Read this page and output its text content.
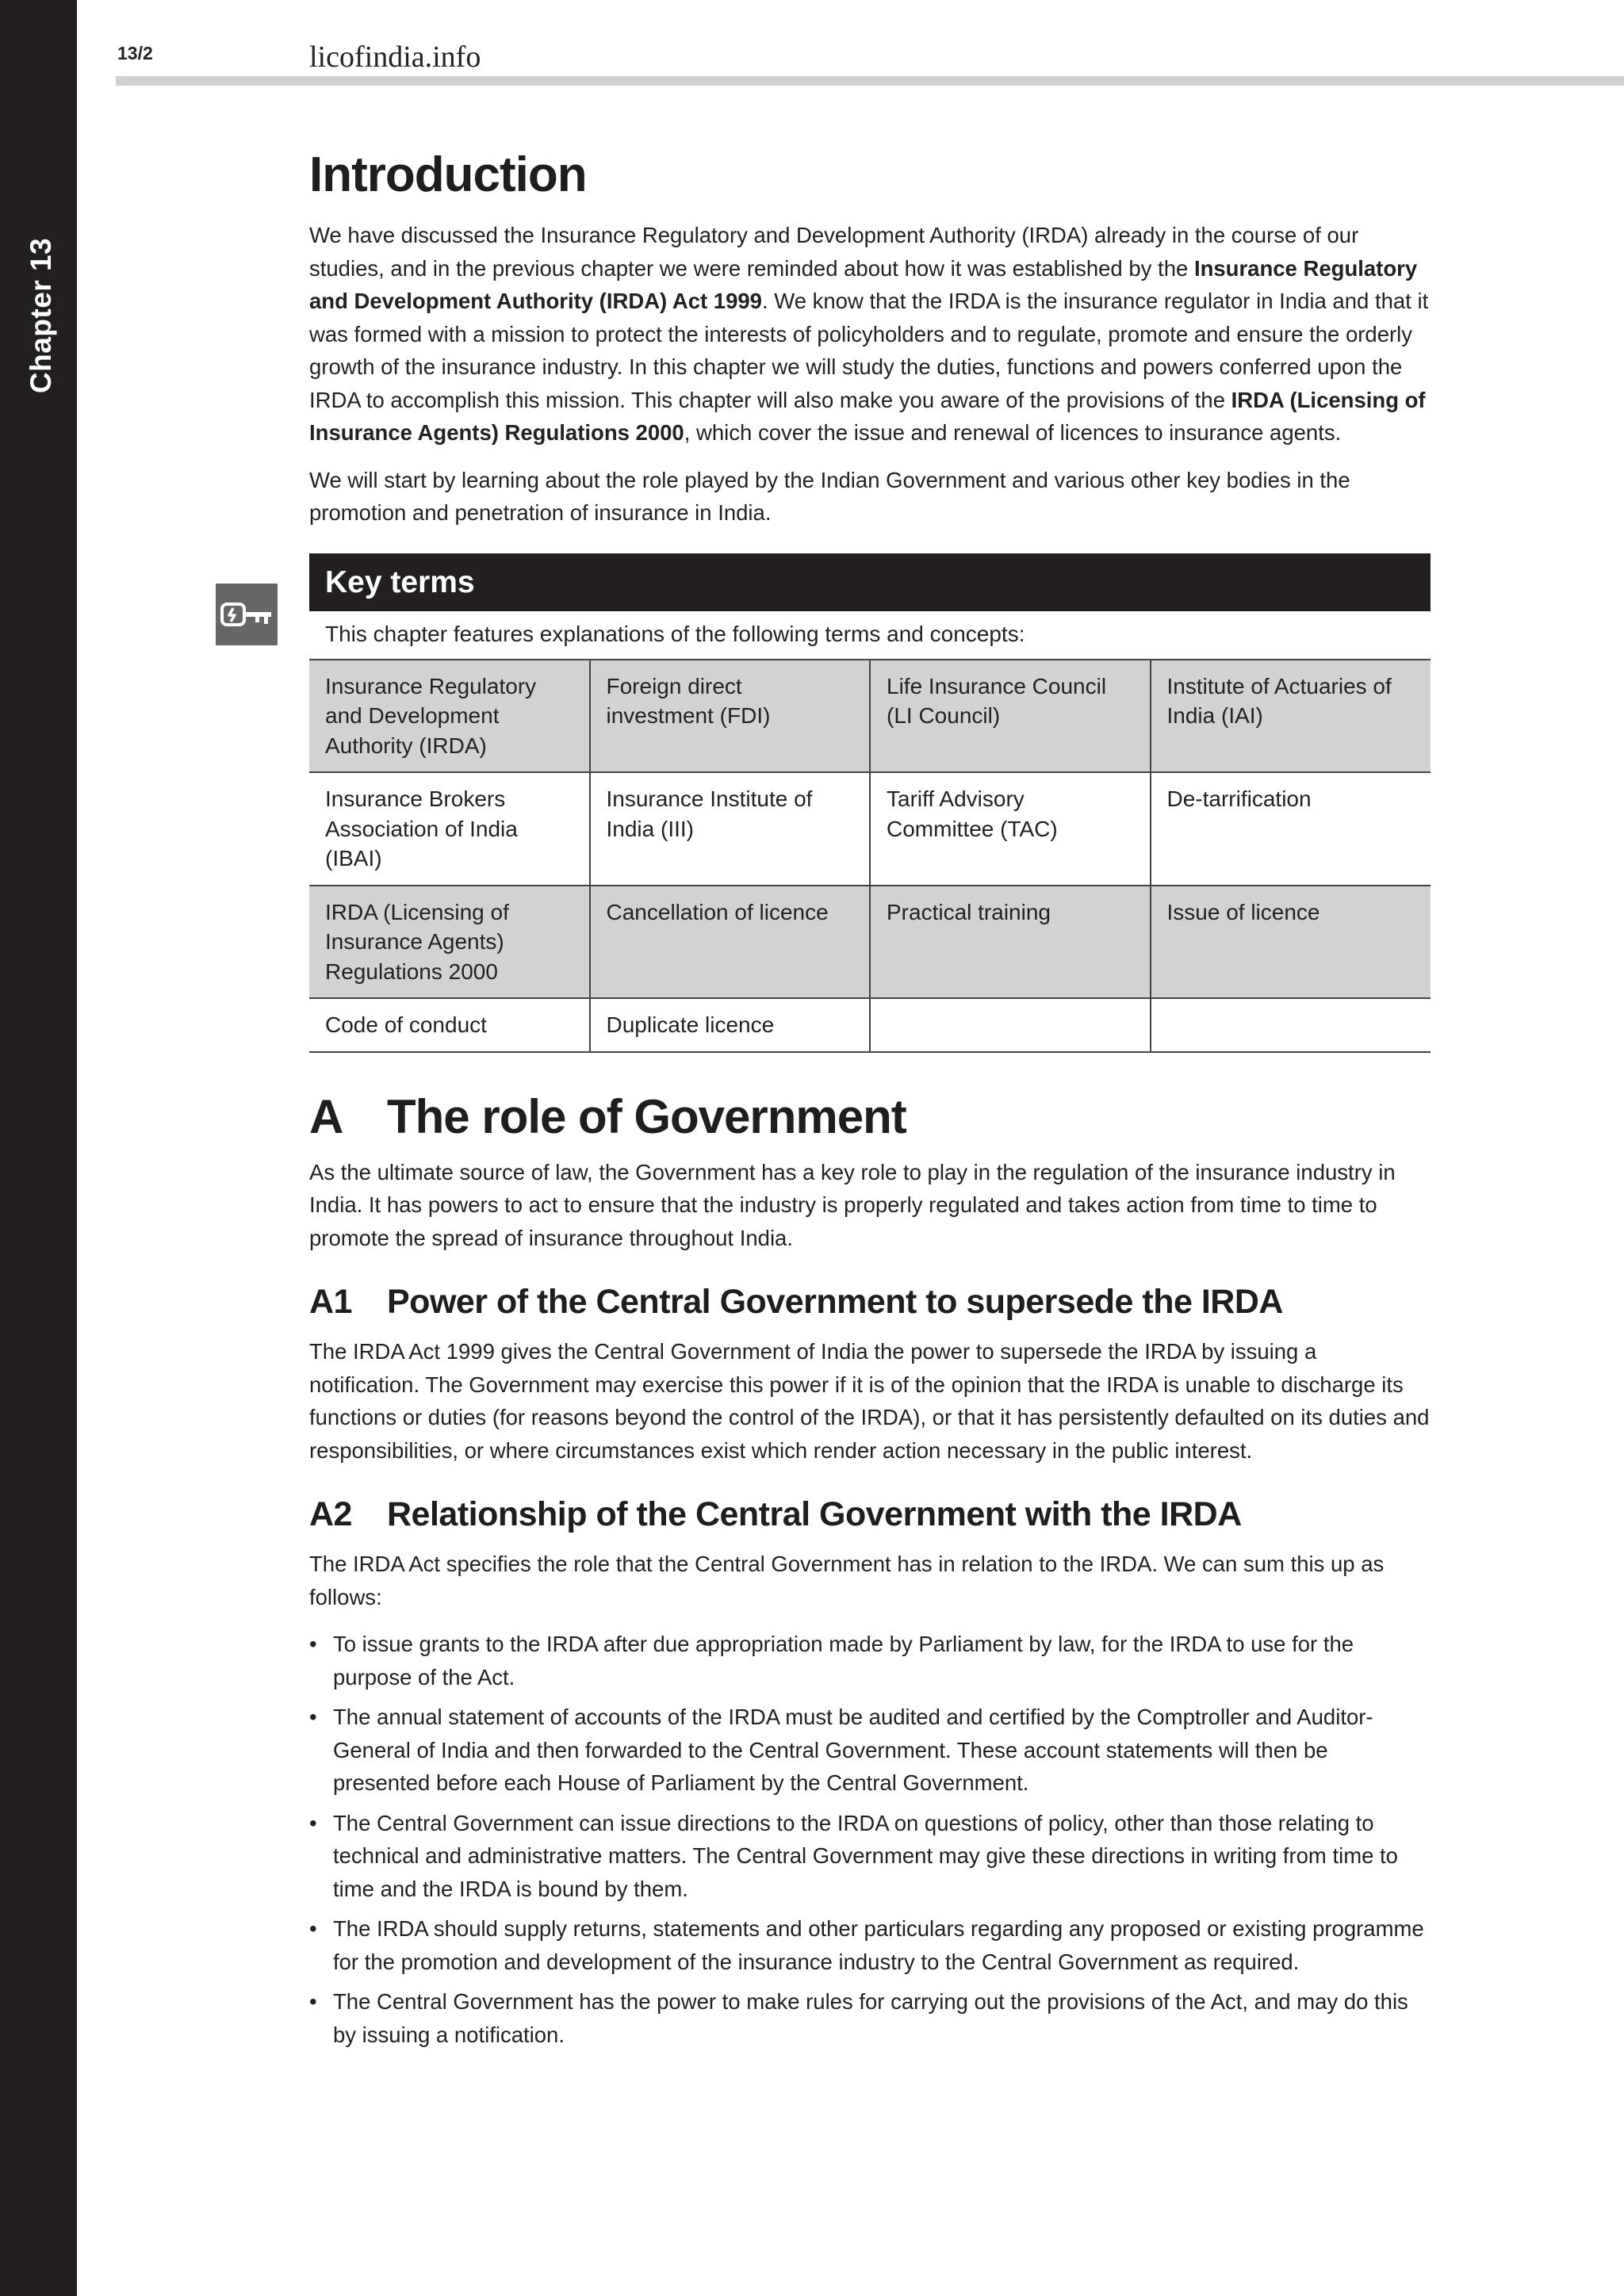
Chapter 13
13/2	licofindia.info
Introduction

We have discussed the Insurance Regulatory and Development Authority (IRDA) already in the course of our studies, and in the previous chapter we were reminded about how it was established by the Insurance Regulatory and Development Authority (IRDA) Act 1999. We know that the IRDA is the insurance regulator in India and that it was formed with a mission to protect the interests of policyholders and to regulate, promote and ensure the orderly growth of the insurance industry. In this chapter we will study the duties, functions and powers conferred upon the IRDA to accomplish this mission. This chapter will also make you aware of the provisions of the IRDA (Licensing of Insurance Agents) Regulations 2000, which cover the issue and renewal of licences to insurance agents.

We will start by learning about the role played by the Indian Government and various other key bodies in the promotion and penetration of insurance in India.

Key terms
This chapter features explanations of the following terms and concepts:
Insurance Regulatory and Development Authority (IRDA)	Foreign direct investment (FDI)	Life Insurance Council (LI Council)	Institute of Actuaries of India (IAI)
Insurance Brokers Association of India (IBAI)	Insurance Institute of India (III)	Tariff Advisory Committee (TAC)	De-tarrification
IRDA (Licensing of Insurance Agents) Regulations 2000	Cancellation of licence	Practical training	Issue of licence
Code of conduct	Duplicate licence		
A The role of Government

As the ultimate source of law, the Government has a key role to play in the regulation of the insurance industry in India. It has powers to act to ensure that the industry is properly regulated and takes action from time to time to promote the spread of insurance throughout India.

A1 Power of the Central Government to supersede the IRDA

The IRDA Act 1999 gives the Central Government of India the power to supersede the IRDA by issuing a notification. The Government may exercise this power if it is of the opinion that the IRDA is unable to discharge its functions or duties (for reasons beyond the control of the IRDA), or that it has persistently defaulted on its duties and responsibilities, or where circumstances exist which render action necessary in the public interest.

A2 Relationship of the Central Government with the IRDA

The IRDA Act specifies the role that the Central Government has in relation to the IRDA. We can sum this up as follows:

• To issue grants to the IRDA after due appropriation made by Parliament by law, for the IRDA to use for the purpose of the Act.
• The annual statement of accounts of the IRDA must be audited and certified by the Comptroller and Auditor-General of India and then forwarded to the Central Government. These account statements will then be presented before each House of Parliament by the Central Government.
• The Central Government can issue directions to the IRDA on questions of policy, other than those relating to technical and administrative matters. The Central Government may give these directions in writing from time to time and the IRDA is bound by them.
• The IRDA should supply returns, statements and other particulars regarding any proposed or existing programme for the promotion and development of the insurance industry to the Central Government as required.
• The Central Government has the power to make rules for carrying out the provisions of the Act, and may do this by issuing a notification.
